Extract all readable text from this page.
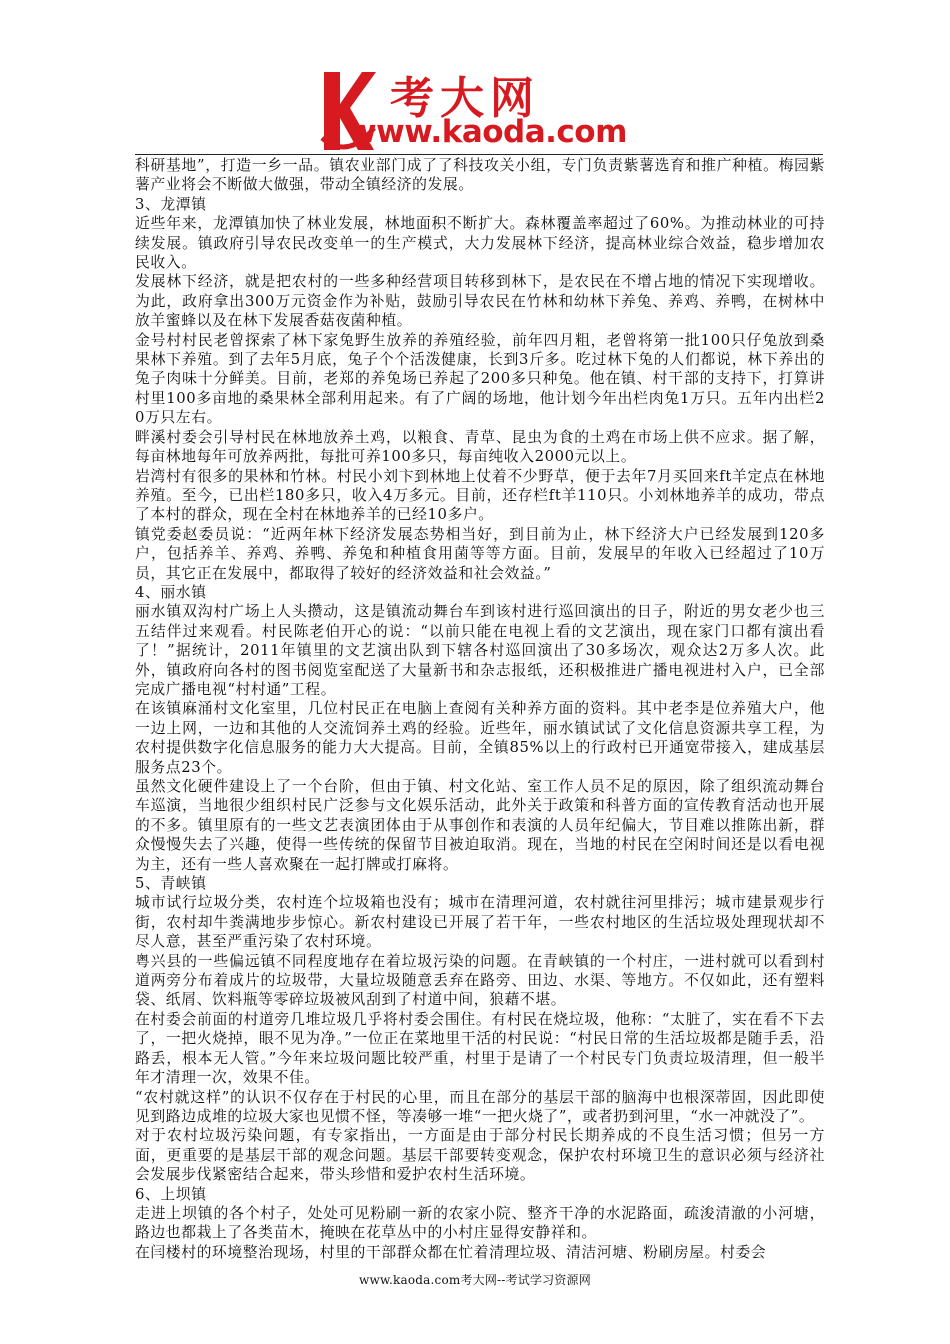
考大网
www.kaoda.com

科研基地”，打造一乡一品。镇农业部门成了了科技攻关小组，专门负责紫薯选育和推广种植。梅园紫薯产业将会不断做大做强，带动全镇经济的发展。

3、龙潭镇

近些年来，龙潭镇加快了林业发展，林地面积不断扩大。森林覆盖率超过了60%。为推动林业的可持续发展。镇政府引导农民改变单一的生产模式，大力发展林下经济，提高林业综合效益，稳步增加农民收入。

发展林下经济，就是把农村的一些多种经营项目转移到林下，是农民在不增占地的情况下实现增收。为此，政府拿出300万元资金作为补贴，鼓励引导农民在竹林和幼林下养兔、养鸡、养鸭，在树林中放羊蜜蜂以及在林下发展香菇夜菌种植。

金号村村民老曾探索了林下家兔野生放养的养殖经验，前年四月粗，老曾将第一批100只仔兔放到桑果林下养殖。到了去年5月底，兔子个个活泼健康，长到3斤多。吃过林下兔的人们都说，林下养出的兔子肉味十分鲜美。目前，老郑的养兔场已养起了200多只种兔。他在镇、村干部的支持下，打算讲村里100多亩地的桑果林全部利用起来。有了广阔的场地，他计划今年出栏肉兔1万只。五年内出栏20万只左右。

畔溪村委会引导村民在林地放养土鸡，以粮食、青草、昆虫为食的土鸡在市场上供不应求。据了解，每亩林地每年可放养两批，每批可养100多只，每亩纯收入2000元以上。

岩湾村有很多的果林和竹林。村民小刘卞到林地上仗着不少野草，便于去年7月买回来ft羊定点在林地养殖。至今，已出栏180多只，收入4万多元。目前，还存栏ft羊110只。小刘林地养羊的成功，带点了本村的群众，现在全村在林地养羊的已经10多户。

镇党委赵委员说：“近两年林下经济发展态势相当好，到目前为止，林下经济大户已经发展到120多户，包括养羊、养鸡、养鸭、养兔和种植食用菌等等方面。目前，发展早的年收入已经超过了10万员，其它正在发展中，都取得了较好的经济效益和社会效益。”

4、丽水镇

丽水镇双沟村广场上人头攒动，这是镇流动舞台车到该村进行巡回演出的日子，附近的男女老少也三五结伴过来观看。村民陈老伯开心的说：“以前只能在电视上看的文艺演出，现在家门口都有演出看了！”据统计，2011年镇里的文艺演出队到下辖各村巡回演出了30多场次，观众达2万多人次。此外，镇政府向各村的图书阅览室配送了大量新书和杂志报纸，还积极推进广播电视进村入户，已全部完成广播电视“村村通”工程。

在该镇麻涌村文化室里，几位村民正在电脑上查阅有关种养方面的资料。其中老李是位养殖大户，他一边上网，一边和其他的人交流饲养土鸡的经验。近些年，丽水镇试试了文化信息资源共享工程，为农村提供数字化信息服务的能力大大提高。目前，全镇85%以上的行政村已开通宽带接入，建成基层服务点23个。

虽然文化硬件建设上了一个台阶，但由于镇、村文化站、室工作人员不足的原因，除了组织流动舞台车巡演，当地很少组织村民广泛参与文化娱乐活动，此外关于政策和科普方面的宣传教育活动也开展的不多。镇里原有的一些文艺表演团体由于从事创作和表演的人员年纪偏大，节目难以推陈出新，群众慢慢失去了兴趣，使得一些传统的保留节目被迫取消。现在，当地的村民在空闲时间还是以看电视为主，还有一些人喜欢聚在一起打牌或打麻将。

5、青峡镇

城市试行垃圾分类，农村连个垃圾箱也没有；城市在清理河道，农村就往河里排污；城市建景观步行街，农村却牛粪满地步步惊心。新农村建设已开展了若干年，一些农村地区的生活垃圾处理现状却不尽人意，甚至严重污染了农村环境。

粤兴县的一些偏远镇不同程度地存在着垃圾污染的问题。在青峡镇的一个村庄，一进村就可以看到村道两旁分布着成片的垃圾带，大量垃圾随意丢弃在路旁、田边、水渠、等地方。不仅如此，还有塑料袋、纸屑、饮料瓶等零碎垃圾被风刮到了村道中间，狼藉不堪。

在村委会前面的村道旁几堆垃圾几乎将村委会围住。有村民在烧垃圾，他称：“太脏了，实在看不下去了，一把火烧掉，眼不见为净。”一位正在菜地里干活的村民说：“村民日常的生活垃圾都是随手丢，沿路丢，根本无人管。”今年来垃圾问题比较严重，村里于是请了一个村民专门负责垃圾清理，但一般半年才清理一次，效果不佳。

“农村就这样”的认识不仅存在于村民的心里，而且在部分的基层干部的脑海中也根深蒂固，因此即使见到路边成堆的垃圾大家也见惯不怪，等凑够一堆“一把火烧了”，或者扔到河里，“水一冲就没了”。

对于农村垃圾污染问题，有专家指出，一方面是由于部分村民长期养成的不良生活习惯；但另一方面，更重要的是基层干部的观念问题。基层干部要转变观念，保护农村环境卫生的意识必须与经济社会发展步伐紧密结合起来，带头珍惜和爱护农村生活环境。

6、上坝镇

走进上坝镇的各个村子，处处可见粉刷一新的农家小院、整齐干净的水泥路面，疏浚清澈的小河塘，路边也都栽上了各类苗木，掩映在花草丛中的小村庄显得安静祥和。

在闫楼村的环境整治现场，村里的干部群众都在忙着清理垃圾、清洁河塘、粉刷房屋。村委会

www.kaoda.com考大网--考试学习资源网
